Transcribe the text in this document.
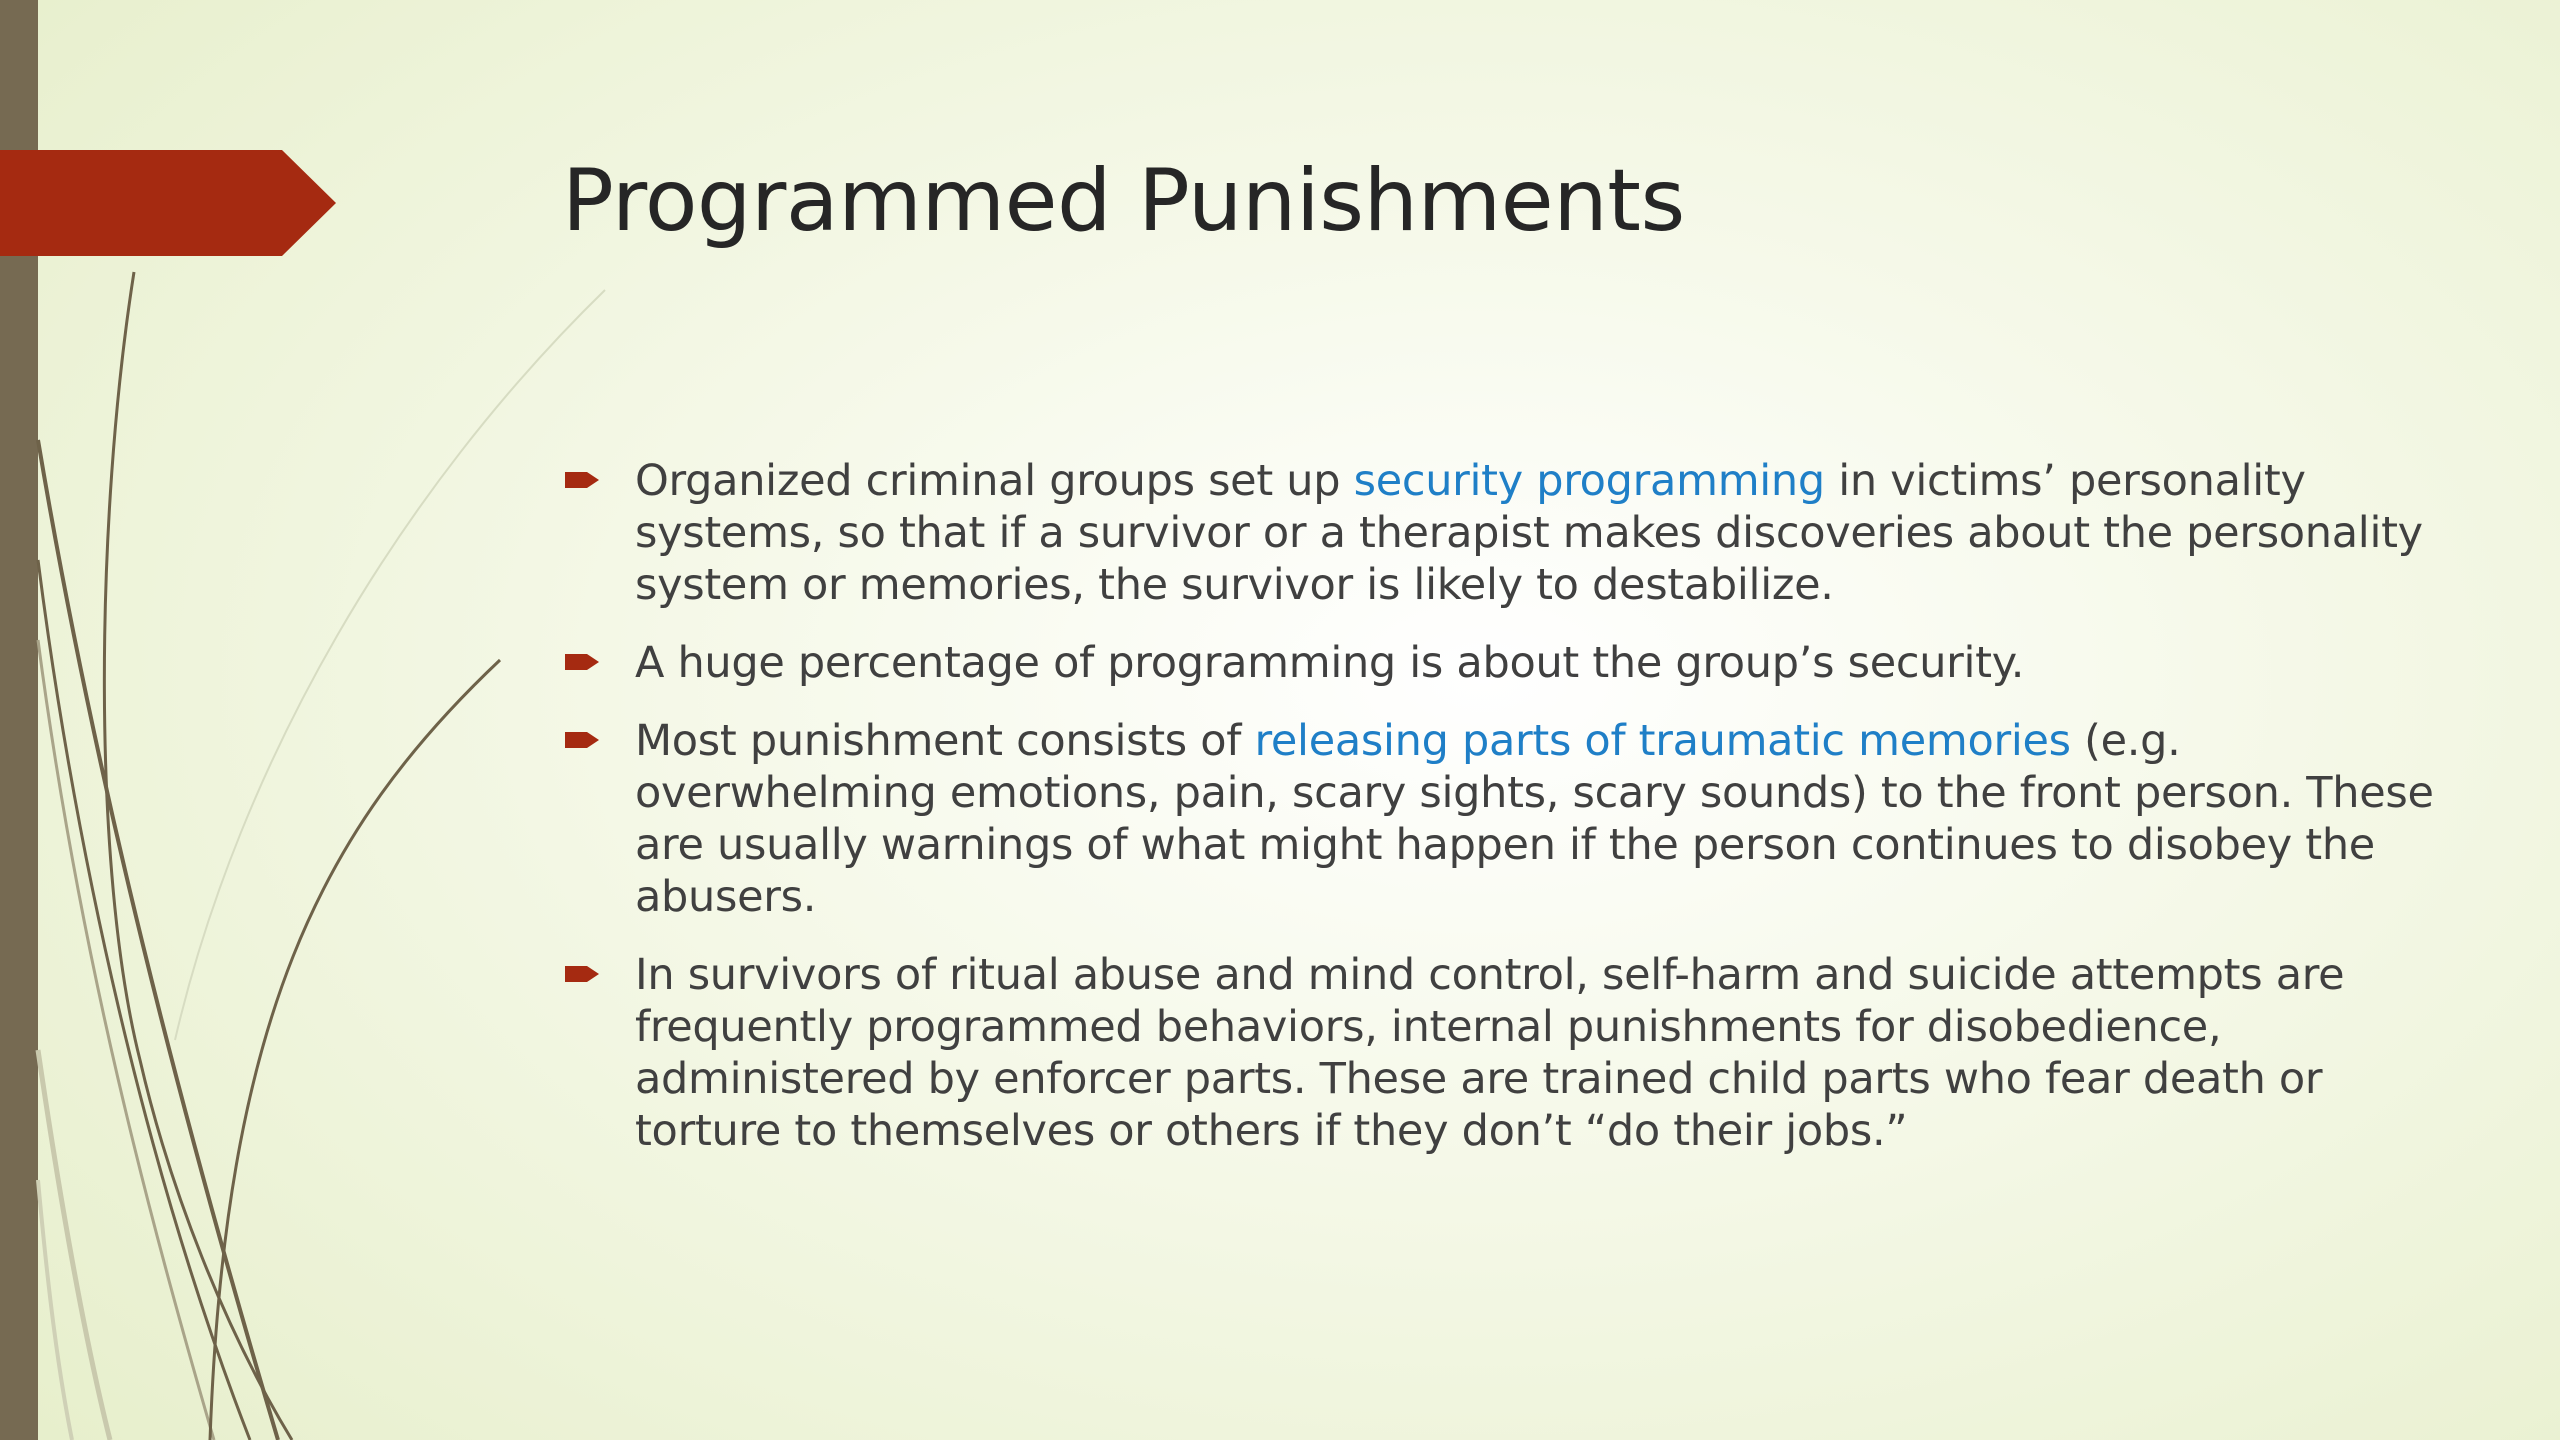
Programmed Punishments
Organized criminal groups set up security programming in victims’ personality systems, so that if a survivor or a therapist makes discoveries about the personality system or memories, the survivor is likely to destabilize.
A huge percentage of programming is about the group’s security.
Most punishment consists of releasing parts of traumatic memories (e.g. overwhelming emotions, pain, scary sights, scary sounds) to the front person. These are usually warnings of what might happen if the person continues to disobey the abusers.
In survivors of ritual abuse and mind control, self-harm and suicide attempts are frequently programmed behaviors, internal punishments for disobedience, administered by enforcer parts. These are trained child parts who fear death or torture to themselves or others if they don’t “do their jobs.”
